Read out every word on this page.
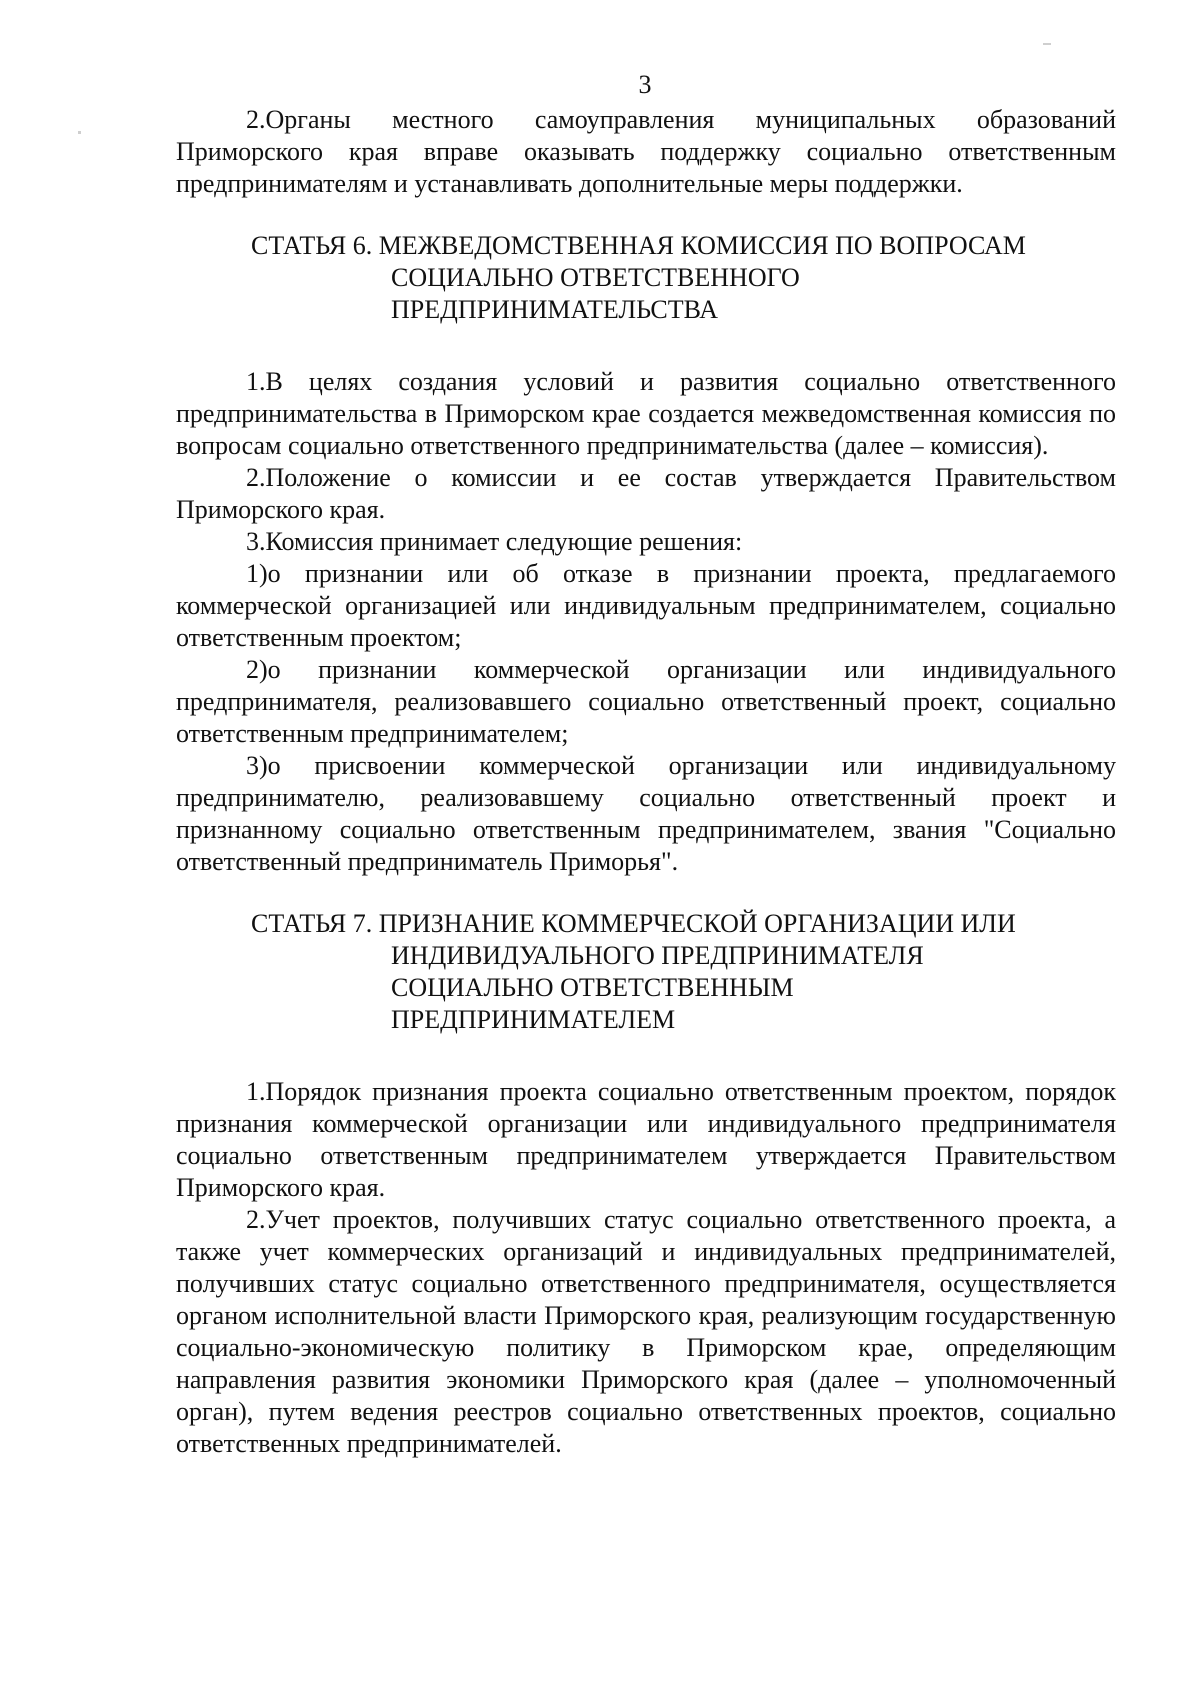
3

2.Органы местного самоуправления муниципальных образований Приморского края вправе оказывать поддержку социально ответственным предпринимателям и устанавливать дополнительные меры поддержки.

СТАТЬЯ 6. МЕЖВЕДОМСТВЕННАЯ КОМИССИЯ ПО ВОПРОСАМ
СОЦИАЛЬНО ОТВЕТСТВЕННОГО
ПРЕДПРИНИМАТЕЛЬСТВА

1.В целях создания условий и развития социально ответственного предпринимательства в Приморском крае создается межведомственная комиссия по вопросам социально ответственного предпринимательства (далее – комиссия).

2.Положение о комиссии и ее состав утверждается Правительством Приморского края.

3.Комиссия принимает следующие решения:

1)о признании или об отказе в признании проекта, предлагаемого коммерческой организацией или индивидуальным предпринимателем, социально ответственным проектом;

2)о признании коммерческой организации или индивидуального предпринимателя, реализовавшего социально ответственный проект, социально ответственным предпринимателем;

3)о присвоении коммерческой организации или индивидуальному предпринимателю, реализовавшему социально ответственный проект и признанному социально ответственным предпринимателем, звания "Социально ответственный предприниматель Приморья".

СТАТЬЯ 7. ПРИЗНАНИЕ КОММЕРЧЕСКОЙ ОРГАНИЗАЦИИ ИЛИ
ИНДИВИДУАЛЬНОГО ПРЕДПРИНИМАТЕЛЯ
СОЦИАЛЬНО ОТВЕТСТВЕННЫМ
ПРЕДПРИНИМАТЕЛЕМ

1.Порядок признания проекта социально ответственным проектом, порядок признания коммерческой организации или индивидуального предпринимателя социально ответственным предпринимателем утверждается Правительством Приморского края.

2.Учет проектов, получивших статус социально ответственного проекта, а также учет коммерческих организаций и индивидуальных предпринимателей, получивших статус социально ответственного предпринимателя, осуществляется органом исполнительной власти Приморского края, реализующим государственную социально-экономическую политику в Приморском крае, определяющим направления развития экономики Приморского края (далее – уполномоченный орган), путем ведения реестров социально ответственных проектов, социально ответственных предпринимателей.
